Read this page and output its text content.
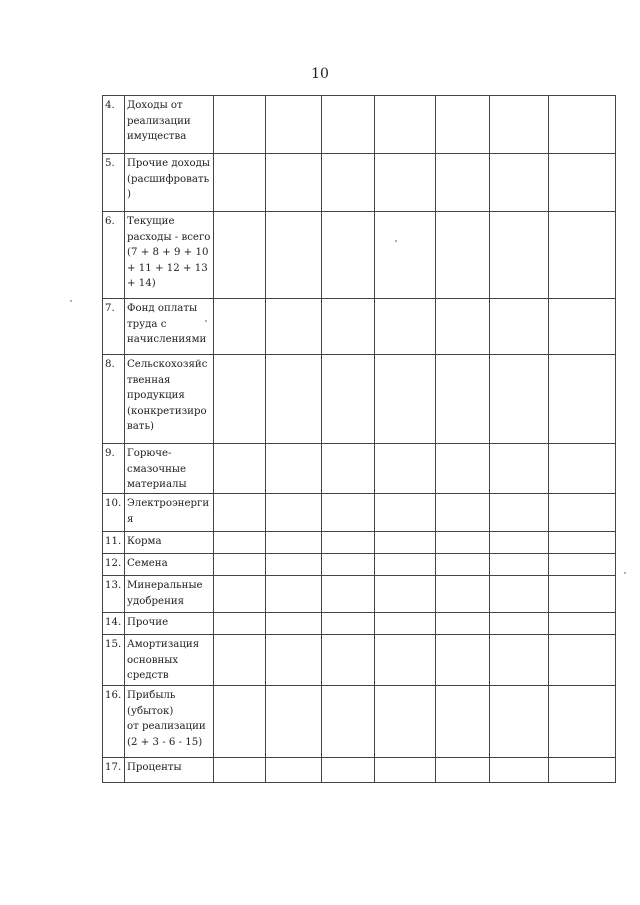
10
4.	Доходы от
реализации
имущества							
5.	Прочие доходы
(расшифровать
)							
6.	Текущие
расходы - всего
(7 + 8 + 9 + 10
+ 11 + 12 + 13
+ 14)							
7.	Фонд оплаты
труда с
начислениями							
8.	Сельскохозяйс
твенная
продукция
(конкретизиро
вать)							
9.	Горюче-
смазочные
материалы							
10.	Электроэнерги
я							
11.	Корма							
12.	Семена							
13.	Минеральные
удобрения							
14.	Прочие							
15.	Амортизация
основных
средств							
16.	Прибыль
(убыток)
от реализации
(2 + 3 - 6 - 15)							
17.	Проценты							
